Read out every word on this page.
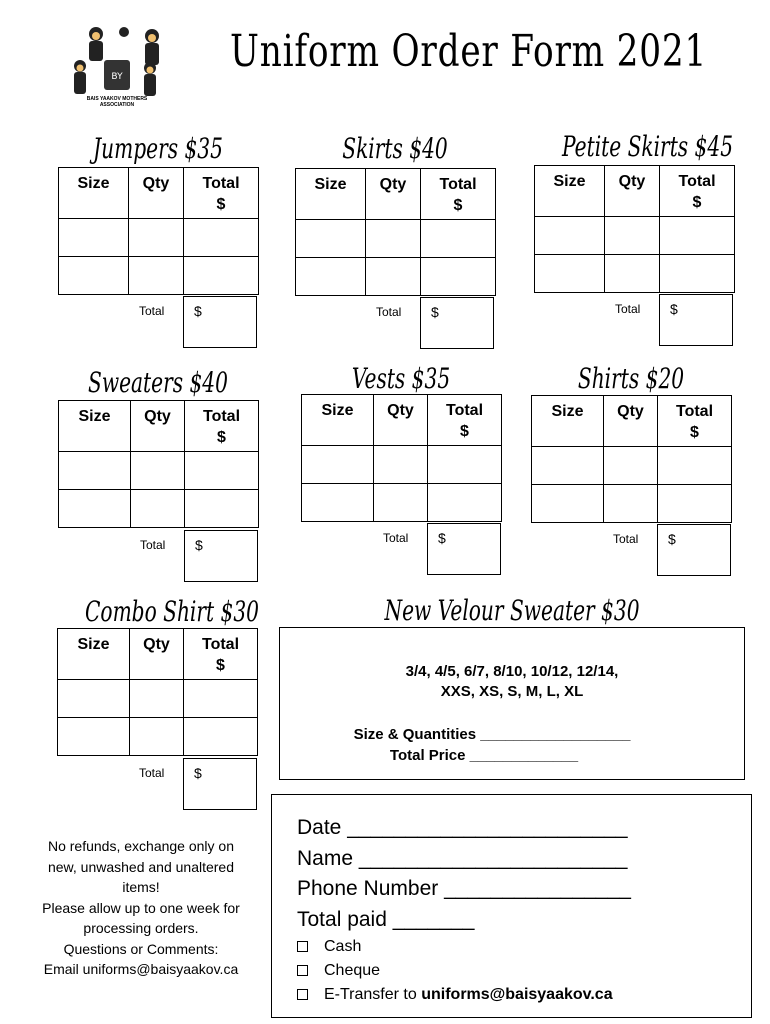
BY
BAIS YAAKOV MOTHERS ASSOCIATION
Uniform Order Form 2021
Jumpers $35
Size	Qty	Total
$

Total	$
Skirts $40
Size	Qty	Total
$

Total	$
Petite Skirts $45
Size	Qty	Total
$

Total	$
Sweaters $40
Size	Qty	Total
$

Total	$
Vests $35
Size	Qty	Total
$

Total	$
Shirts $20
Size	Qty	Total
$

Total	$
Combo Shirt $30
Size	Qty	Total
$

Total	$
New Velour Sweater $30
3/4, 4/5, 6/7, 8/10, 10/12, 12/14,
XXS, XS, S, M, L, XL
Size & Quantities __________________
Total Price _____________
No refunds, exchange only on
new, unwashed and unaltered
items!
Please allow up to one week for
processing orders.
Questions or Comments:
Email uniforms@baisyaakov.ca
Date ________________________
Name _______________________
Phone Number ________________
Total paid _______
Cash
Cheque
E-Transfer to uniforms@baisyaakov.ca
